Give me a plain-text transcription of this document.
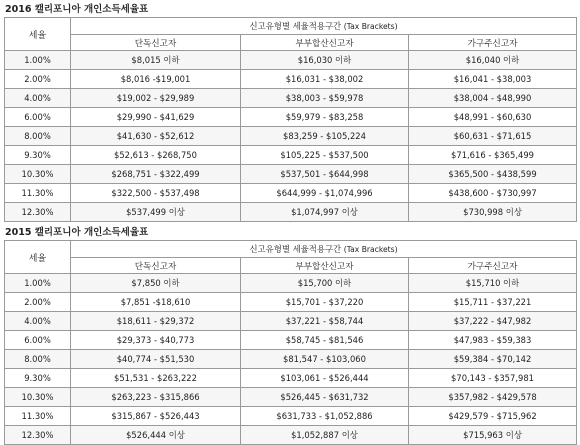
2016 캘리포니아 개인소득세율표
세율	신고유형별 세율적용구간 (Tax Brackets)		
	단독신고자	부부합산신고자	가구주신고자
1.00%	$8,015 이하	$16,030 이하	$16,040 이하
2.00%	$8,016 -$19,001	$16,031 - $38,002	$16,041 - $38,003
4.00%	$19,002 - $29,989	$38,003 - $59,978	$38,004 - $48,990
6.00%	$29,990 - $41,629	$59,979 - $83,258	$48,991 - $60,630
8.00%	$41,630 - $52,612	$83,259 - $105,224	$60,631 - $71,615
9.30%	$52,613 - $268,750	$105,225 - $537,500	$71,616 - $365,499
10.30%	$268,751 - $322,499	$537,501 - $644,998	$365,500 - $438,599
11.30%	$322,500 - $537,498	$644,999 - $1,074,996	$438,600 - $730,997
12.30%	$537,499 이상	$1,074,997 이상	$730,998 이상
2015 캘리포니아 개인소득세율표
세율	신고유형별 세율적용구간 (Tax Brackets)		
	단독신고자	부부합산신고자	가구주신고자
1.00%	$7,850 이하	$15,700 이하	$15,710 이하
2.00%	$7,851 -$18,610	$15,701 - $37,220	$15,711 - $37,221
4.00%	$18,611 - $29,372	$37,221 - $58,744	$37,222 - $47,982
6.00%	$29,373 - $40,773	$58,745 - $81,546	$47,983 - $59,383
8.00%	$40,774 - $51,530	$81,547 - $103,060	$59,384 - $70,142
9.30%	$51,531 - $263,222	$103,061 - $526,444	$70,143 - $357,981
10.30%	$263,223 - $315,866	$526,445 - $631,732	$357,982 - $429,578
11.30%	$315,867 - $526,443	$631,733 - $1,052,886	$429,579 - $715,962
12.30%	$526,444 이상	$1,052,887 이상	$715,963 이상
